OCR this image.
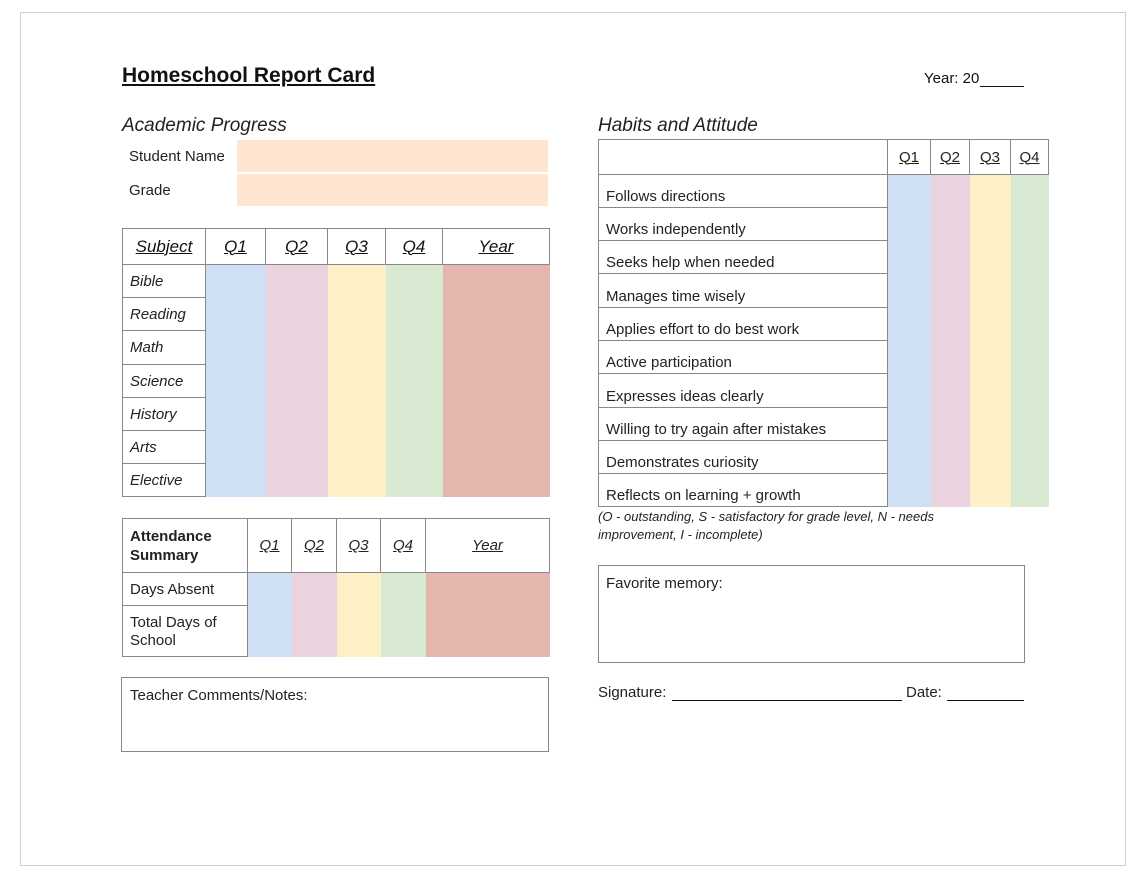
Homeschool Report Card	Year: 20
Academic Progress
Student Name
Grade
Subject	Q1	Q2	Q3	Q4	Year
Bible					
Reading					
Math					
Science					
History					
Arts					
Elective					
Attendance Summary	Q1	Q2	Q3	Q4	Year
Days Absent					
Total Days of School					
Teacher Comments/Notes:
Habits and Attitude
	Q1	Q2	Q3	Q4
Follows directions				
Works independently				
Seeks help when needed				
Manages time wisely				
Applies effort to do best work				
Active participation				
Expresses ideas clearly				
Willing to try again after mistakes				
Demonstrates curiosity				
Reflects on learning + growth				
(O - outstanding, S - satisfactory for grade level, N - needs improvement, I - incomplete)
Favorite memory:
Signature:	Date:
